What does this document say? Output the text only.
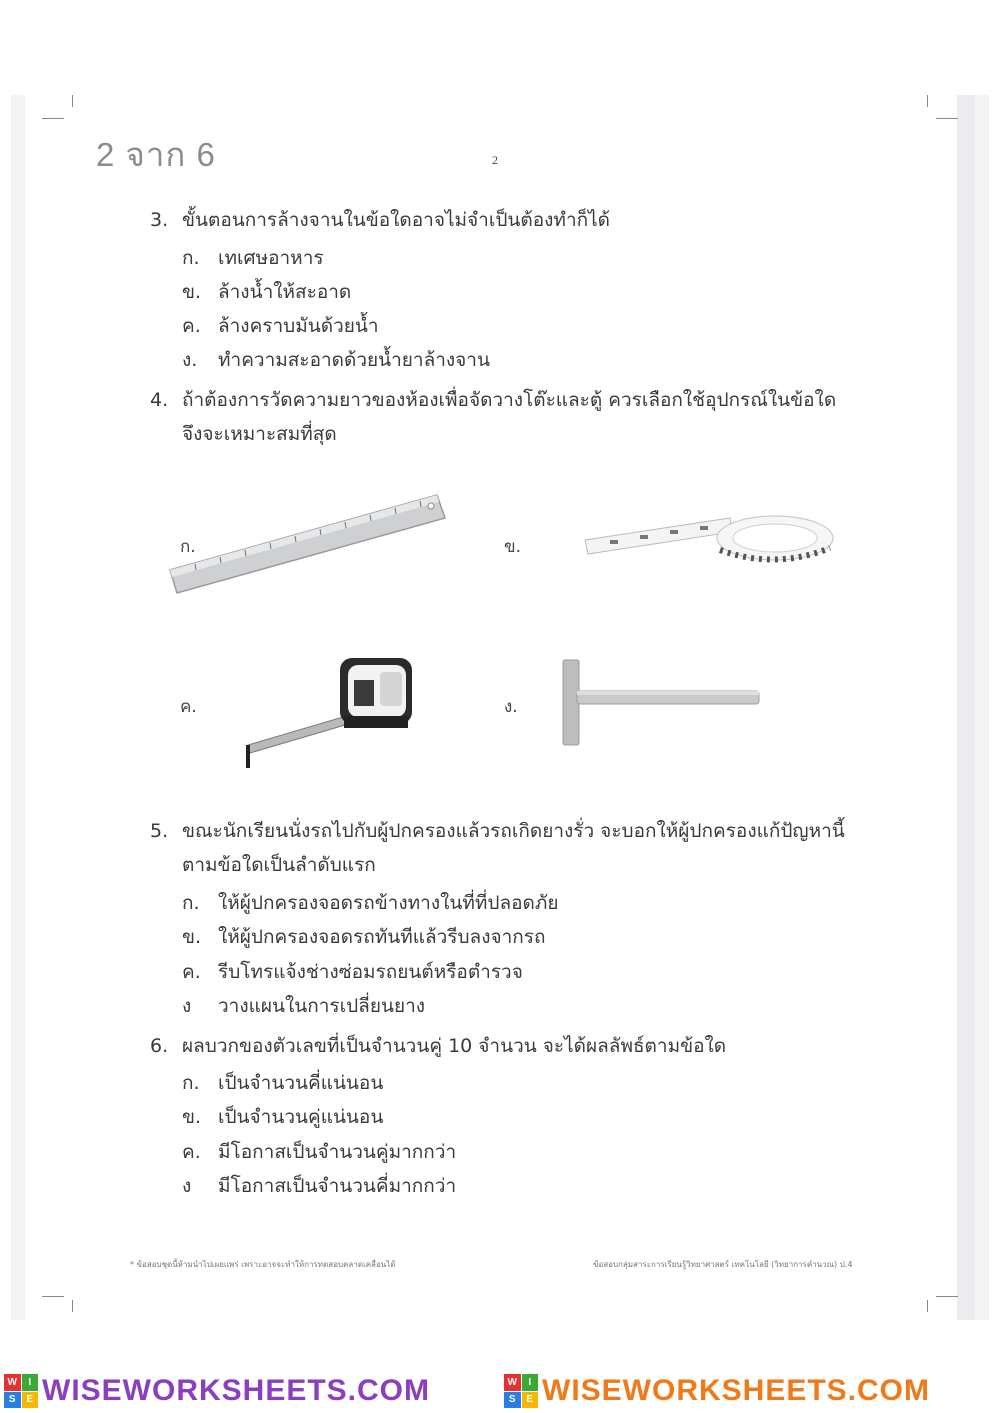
2 จาก 6	2
3. ขั้นตอนการล้างจานในข้อใดอาจไม่จำเป็นต้องทำก็ได้
ก. เทเศษอาหาร
ข. ล้างน้ำให้สะอาด
ค. ล้างคราบมันด้วยน้ำ
ง. ทำความสะอาดด้วยน้ำยาล้างจาน
4. ถ้าต้องการวัดความยาวของห้องเพื่อจัดวางโต๊ะและตู้ ควรเลือกใช้อุปกรณ์ในข้อใด
จึงจะเหมาะสมที่สุด
ก.	ข.
ค.	ง.
5. ขณะนักเรียนนั่งรถไปกับผู้ปกครองแล้วรถเกิดยางรั่ว จะบอกให้ผู้ปกครองแก้ปัญหานี้
ตามข้อใดเป็นลำดับแรก
ก. ให้ผู้ปกครองจอดรถข้างทางในที่ที่ปลอดภัย
ข. ให้ผู้ปกครองจอดรถทันทีแล้วรีบลงจากรถ
ค. รีบโทรแจ้งช่างซ่อมรถยนต์หรือตำรวจ
ง วางแผนในการเปลี่ยนยาง
6. ผลบวกของตัวเลขที่เป็นจำนวนคู่ 10 จำนวน จะได้ผลลัพธ์ตามข้อใด
ก. เป็นจำนวนคี่แน่นอน
ข. เป็นจำนวนคู่แน่นอน
ค. มีโอกาสเป็นจำนวนคู่มากกว่า
ง มีโอกาสเป็นจำนวนคี่มากกว่า
* ข้อสอบชุดนี้ห้ามนำไปเผยแพร่ เพราะอาจจะทำให้การทดสอบคลาดเคลื่อนได้	ข้อสอบกลุ่มสาระการเรียนรู้วิทยาศาสตร์ เทคโนโลยี (วิทยาการคำนวณ) ป.4
W	I
S	E WISEWORKSHEETS.COM	W	I
S	E WISEWORKSHEETS.COM
